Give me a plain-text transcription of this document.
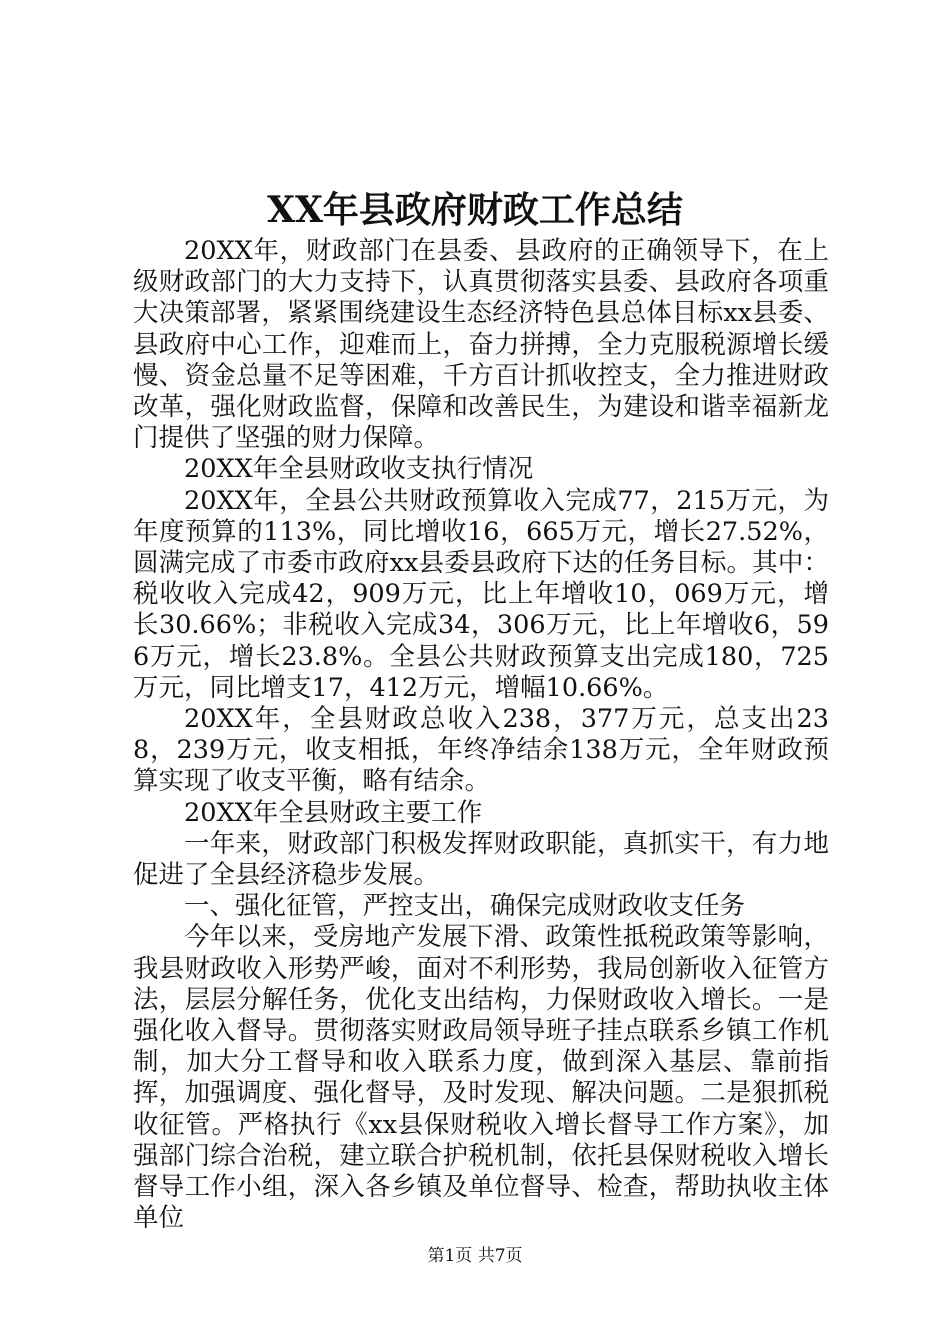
XX年县政府财政工作总结

20XX年，财政部门在县委、县政府的正确领导下，在上级财政部门的大力支持下，认真贯彻落实县委、县政府各项重大决策部署，紧紧围绕建设生态经济特色县总体目标xx县委、县政府中心工作，迎难而上，奋力拼搏，全力克服税源增长缓慢、资金总量不足等困难，千方百计抓收控支，全力推进财政改革，强化财政监督，保障和改善民生，为建设和谐幸福新龙门提供了坚强的财力保障。

20XX年全县财政收支执行情况

20XX年，全县公共财政预算收入完成77，215万元，为年度预算的113%，同比增收16，665万元，增长27.52%，圆满完成了市委市政府xx县委县政府下达的任务目标。其中：税收收入完成42，909万元，比上年增收10，069万元，增长30.66%；非税收入完成34，306万元，比上年增收6，596万元，增长23.8%。全县公共财政预算支出完成180，725万元，同比增支17，412万元，增幅10.66%。

20XX年，全县财政总收入238，377万元，总支出238，239万元，收支相抵，年终净结余138万元，全年财政预算实现了收支平衡，略有结余。

20XX年全县财政主要工作

一年来，财政部门积极发挥财政职能，真抓实干，有力地促进了全县经济稳步发展。

一、强化征管，严控支出，确保完成财政收支任务

今年以来，受房地产发展下滑、政策性抵税政策等影响，我县财政收入形势严峻，面对不利形势，我局创新收入征管方法，层层分解任务，优化支出结构，力保财政收入增长。一是强化收入督导。贯彻落实财政局领导班子挂点联系乡镇工作机制，加大分工督导和收入联系力度，做到深入基层、靠前指挥，加强调度、强化督导，及时发现、解决问题。二是狠抓税收征管。严格执行《xx县保财税收入增长督导工作方案》，加强部门综合治税，建立联合护税机制，依托县保财税收入增长督导工作小组，深入各乡镇及单位督导、检查，帮助执收主体单位

第1页 共7页
